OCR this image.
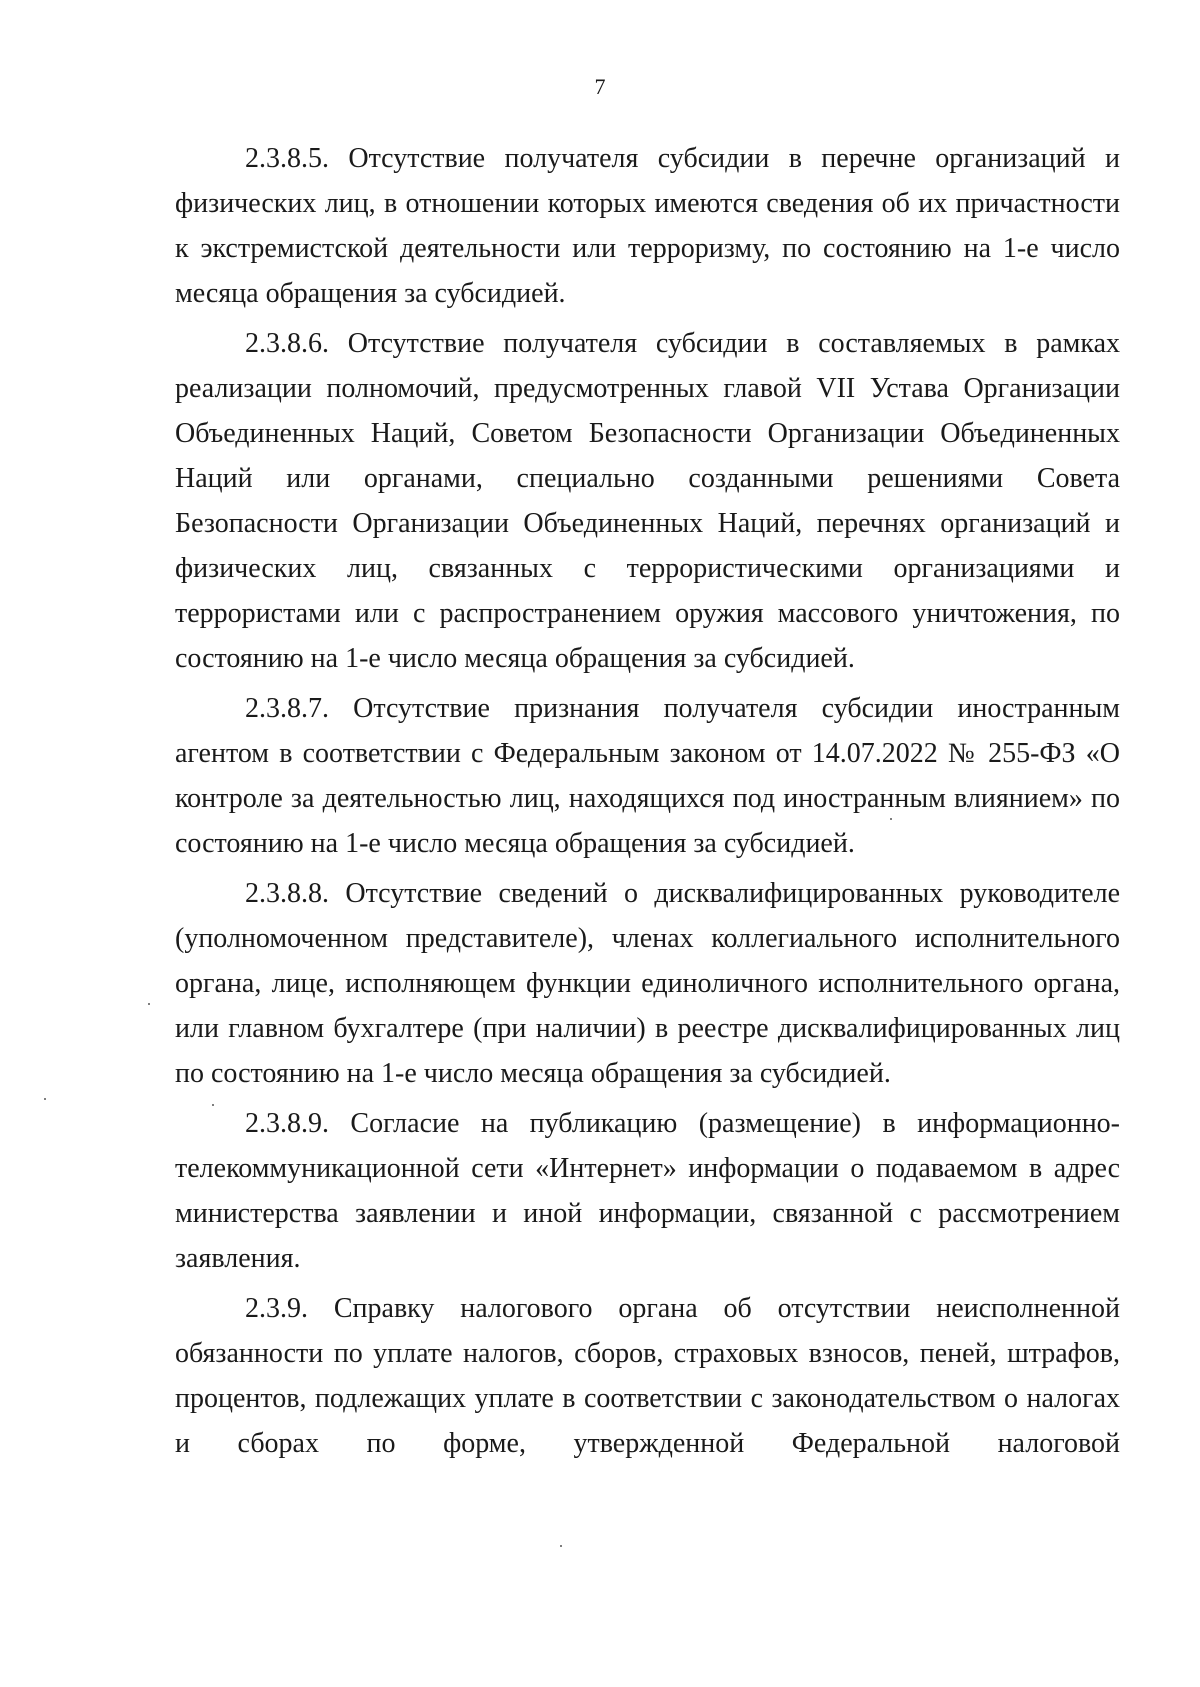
7

2.3.8.5. Отсутствие получателя субсидии в перечне организаций и физических лиц, в отношении которых имеются сведения об их причастности к экстремистской деятельности или терроризму, по состоянию на 1-е число месяца обращения за субсидией.

2.3.8.6. Отсутствие получателя субсидии в составляемых в рамках реализации полномочий, предусмотренных главой VII Устава Организации Объединенных Наций, Советом Безопасности Организации Объединенных Наций или органами, специально созданными решениями Совета Безопасности Организации Объединенных Наций, перечнях организаций и физических лиц, связанных с террористическими организациями и террористами или с распространением оружия массового уничтожения, по состоянию на 1-е число месяца обращения за субсидией.

2.3.8.7. Отсутствие признания получателя субсидии иностранным агентом в соответствии с Федеральным законом от 14.07.2022 № 255-ФЗ «О контроле за деятельностью лиц, находящихся под иностранным влиянием» по состоянию на 1-е число месяца обращения за субсидией.

2.3.8.8. Отсутствие сведений о дисквалифицированных руководителе (уполномоченном представителе), членах коллегиального исполнительного органа, лице, исполняющем функции единоличного исполнительного органа, или главном бухгалтере (при наличии) в реестре дисквалифицированных лиц по состоянию на 1-е число месяца обращения за субсидией.

2.3.8.9. Согласие на публикацию (размещение) в информационно-телекоммуникационной сети «Интернет» информации о подаваемом в адрес министерства заявлении и иной информации, связанной с рассмотрением заявления.

2.3.9. Справку налогового органа об отсутствии неисполненной обязанности по уплате налогов, сборов, страховых взносов, пеней, штрафов, процентов, подлежащих уплате в соответствии с законодательством о налогах и сборах по форме, утвержденной Федеральной налоговой
